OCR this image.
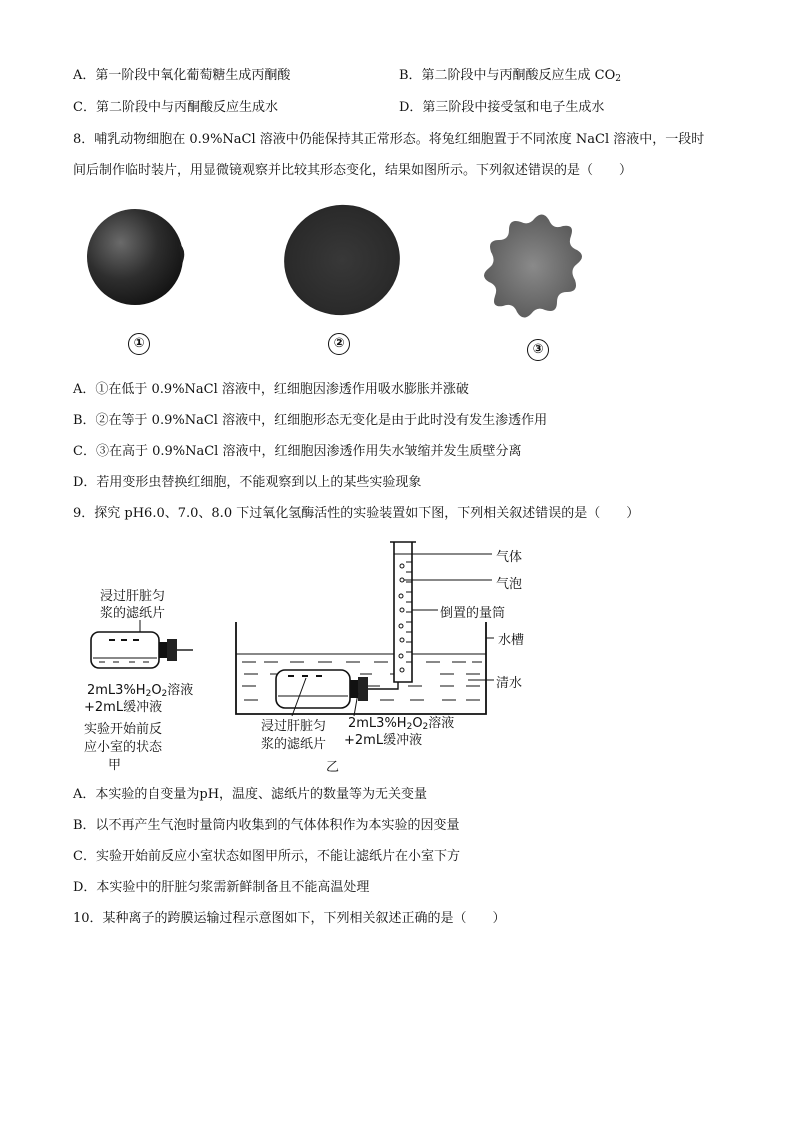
A．第一阶段中氧化葡萄糖生成丙酮酸	B．第二阶段中与丙酮酸反应生成 $CO_2$
C．第二阶段中与丙酮酸反应生成水	D．第三阶段中接受氢和电子生成水
8．哺乳动物细胞在 0.9%NaCl 溶液中仍能保持其正常形态。将兔红细胞置于不同浓度 NaCl 溶液中，一段时
间后制作临时装片，用显微镜观察并比较其形态变化，结果如图所示。下列叙述错误的是（　　）
①	②	③
A．①在低于 0.9%NaCl 溶液中，红细胞因渗透作用吸水膨胀并涨破
B．②在等于 0.9%NaCl 溶液中，红细胞形态无变化是由于此时没有发生渗透作用
C．③在高于 0.9%NaCl 溶液中，红细胞因渗透作用失水皱缩并发生质壁分离
D．若用变形虫替换红细胞，不能观察到以上的某些实验现象
9．探究 pH6.0、7.0、8.0 下过氧化氢酶活性的实验装置如下图，下列相关叙述错误的是（　　）
浸过肝脏匀
浆的滤纸片
$2mL3\%H_2O_2$溶液
+2mL缓冲液
实验开始前反
应小室的状态
甲
气体
气泡
倒置的量筒
水槽
清水
浸过肝脏匀
浆的滤纸片
$2mL3\%H_2O_2$溶液
+2mL缓冲液
乙
A．本实验的自变量为pH，温度、滤纸片的数量等为无关变量
B．以不再产生气泡时量筒内收集到的气体体积作为本实验的因变量
C．实验开始前反应小室状态如图甲所示，不能让滤纸片在小室下方
D．本实验中的肝脏匀浆需新鲜制备且不能高温处理
10．某种离子的跨膜运输过程示意图如下，下列相关叙述正确的是（　　）
